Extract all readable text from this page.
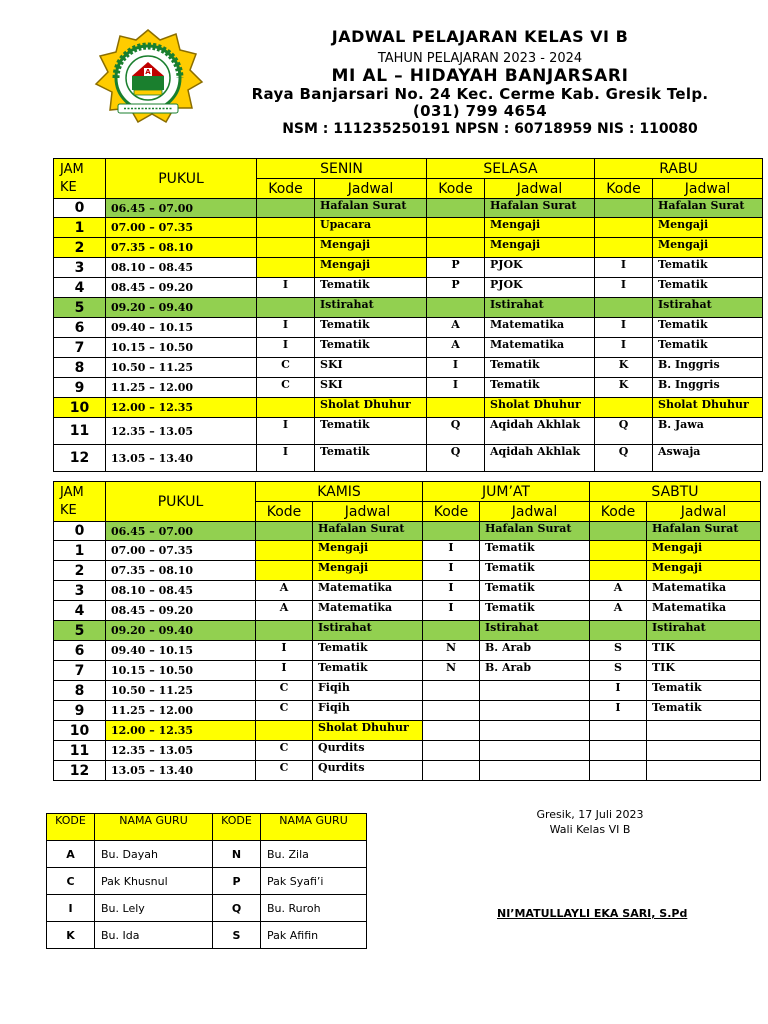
A
JADWAL PELAJARAN KELAS VI B
TAHUN PELAJARAN 2023 - 2024
MI AL – HIDAYAH BANJARSARI
Raya Banjarsari No. 24 Kec. Cerme Kab. Gresik Telp.
(031) 799 4654
NSM : 111235250191 NPSN : 60718959 NIS : 110080
JAM
KE	PUKUL	SENIN		SELASA		RABU	
		Kode	Jadwal	Kode	Jadwal	Kode	Jadwal
0	06.45 – 07.00		Hafalan Surat		Hafalan Surat		Hafalan Surat
1	07.00 – 07.35		Upacara		Mengaji		Mengaji
2	07.35 – 08.10		Mengaji		Mengaji		Mengaji
3	08.10 – 08.45		Mengaji	P	PJOK	I	Tematik
4	08.45 – 09.20	I	Tematik	P	PJOK	I	Tematik
5	09.20 – 09.40		Istirahat		Istirahat		Istirahat
6	09.40 – 10.15	I	Tematik	A	Matematika	I	Tematik
7	10.15 – 10.50	I	Tematik	A	Matematika	I	Tematik
8	10.50 – 11.25	C	SKI	I	Tematik	K	B. Inggris
9	11.25 – 12.00	C	SKI	I	Tematik	K	B. Inggris
10	12.00 – 12.35		Sholat Dhuhur		Sholat Dhuhur		Sholat Dhuhur
11	12.35 – 13.05	I	Tematik	Q	Aqidah Akhlak	Q	B. Jawa
12	13.05 – 13.40	I	Tematik	Q	Aqidah Akhlak	Q	Aswaja
JAM
KE	PUKUL	KAMIS		JUM’AT		SABTU	
		Kode	Jadwal	Kode	Jadwal	Kode	Jadwal
0	06.45 – 07.00		Hafalan Surat		Hafalan Surat		Hafalan Surat
1	07.00 – 07.35		Mengaji	I	Tematik		Mengaji
2	07.35 – 08.10		Mengaji	I	Tematik		Mengaji
3	08.10 – 08.45	A	Matematika	I	Tematik	A	Matematika
4	08.45 – 09.20	A	Matematika	I	Tematik	A	Matematika
5	09.20 – 09.40		Istirahat		Istirahat		Istirahat
6	09.40 – 10.15	I	Tematik	N	B. Arab	S	TIK
7	10.15 – 10.50	I	Tematik	N	B. Arab	S	TIK
8	10.50 – 11.25	C	Fiqih			I	Tematik
9	11.25 – 12.00	C	Fiqih			I	Tematik
10	12.00 – 12.35		Sholat Dhuhur				
11	12.35 – 13.05	C	Qurdits				
12	13.05 – 13.40	C	Qurdits				
KODE	NAMA GURU	KODE	NAMA GURU
A	Bu. Dayah	N	Bu. Zila
C	Pak Khusnul	P	Pak Syafi’i
I	Bu. Lely	Q	Bu. Ruroh
K	Bu. Ida	S	Pak Afifin
Gresik, 17 Juli 2023
Wali Kelas VI B
NI’MATULLAYLI EKA SARI, S.Pd
